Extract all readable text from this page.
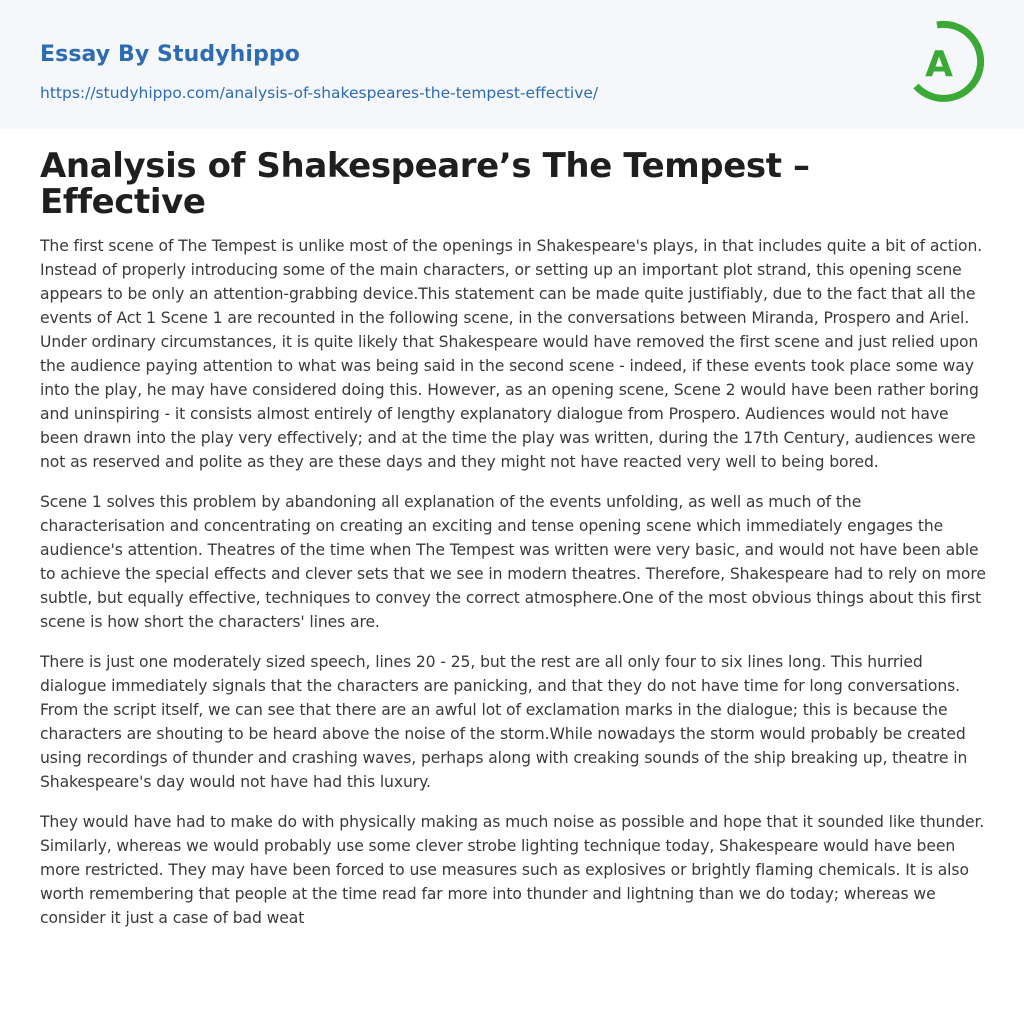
Essay By Studyhippo
https://studyhippo.com/analysis-of-shakespeares-the-tempest-effective/
A
Analysis of Shakespeare’s The Tempest – Effective

The first scene of The Tempest is unlike most of the openings in Shakespeare's plays, in that includes quite a bit of action. Instead of properly introducing some of the main characters, or setting up an important plot strand, this opening scene appears to be only an attention-grabbing device.This statement can be made quite justifiably, due to the fact that all the events of Act 1 Scene 1 are recounted in the following scene, in the conversations between Miranda, Prospero and Ariel. Under ordinary circumstances, it is quite likely that Shakespeare would have removed the first scene and just relied upon the audience paying attention to what was being said in the second scene - indeed, if these events took place some way into the play, he may have considered doing this. However, as an opening scene, Scene 2 would have been rather boring and uninspiring - it consists almost entirely of lengthy explanatory dialogue from Prospero. Audiences would not have been drawn into the play very effectively; and at the time the play was written, during the 17th Century, audiences were not as reserved and polite as they are these days and they might not have reacted very well to being bored.

Scene 1 solves this problem by abandoning all explanation of the events unfolding, as well as much of the characterisation and concentrating on creating an exciting and tense opening scene which immediately engages the audience's attention. Theatres of the time when The Tempest was written were very basic, and would not have been able to achieve the special effects and clever sets that we see in modern theatres. Therefore, Shakespeare had to rely on more subtle, but equally effective, techniques to convey the correct atmosphere.One of the most obvious things about this first scene is how short the characters' lines are.

There is just one moderately sized speech, lines 20 - 25, but the rest are all only four to six lines long. This hurried dialogue immediately signals that the characters are panicking, and that they do not have time for long conversations. From the script itself, we can see that there are an awful lot of exclamation marks in the dialogue; this is because the characters are shouting to be heard above the noise of the storm.While nowadays the storm would probably be created using recordings of thunder and crashing waves, perhaps along with creaking sounds of the ship breaking up, theatre in Shakespeare's day would not have had this luxury.

They would have had to make do with physically making as much noise as possible and hope that it sounded like thunder. Similarly, whereas we would probably use some clever strobe lighting technique today, Shakespeare would have been more restricted. They may have been forced to use measures such as explosives or brightly flaming chemicals. It is also worth remembering that people at the time read far more into thunder and lightning than we do today; whereas we consider it just a case of bad weat
